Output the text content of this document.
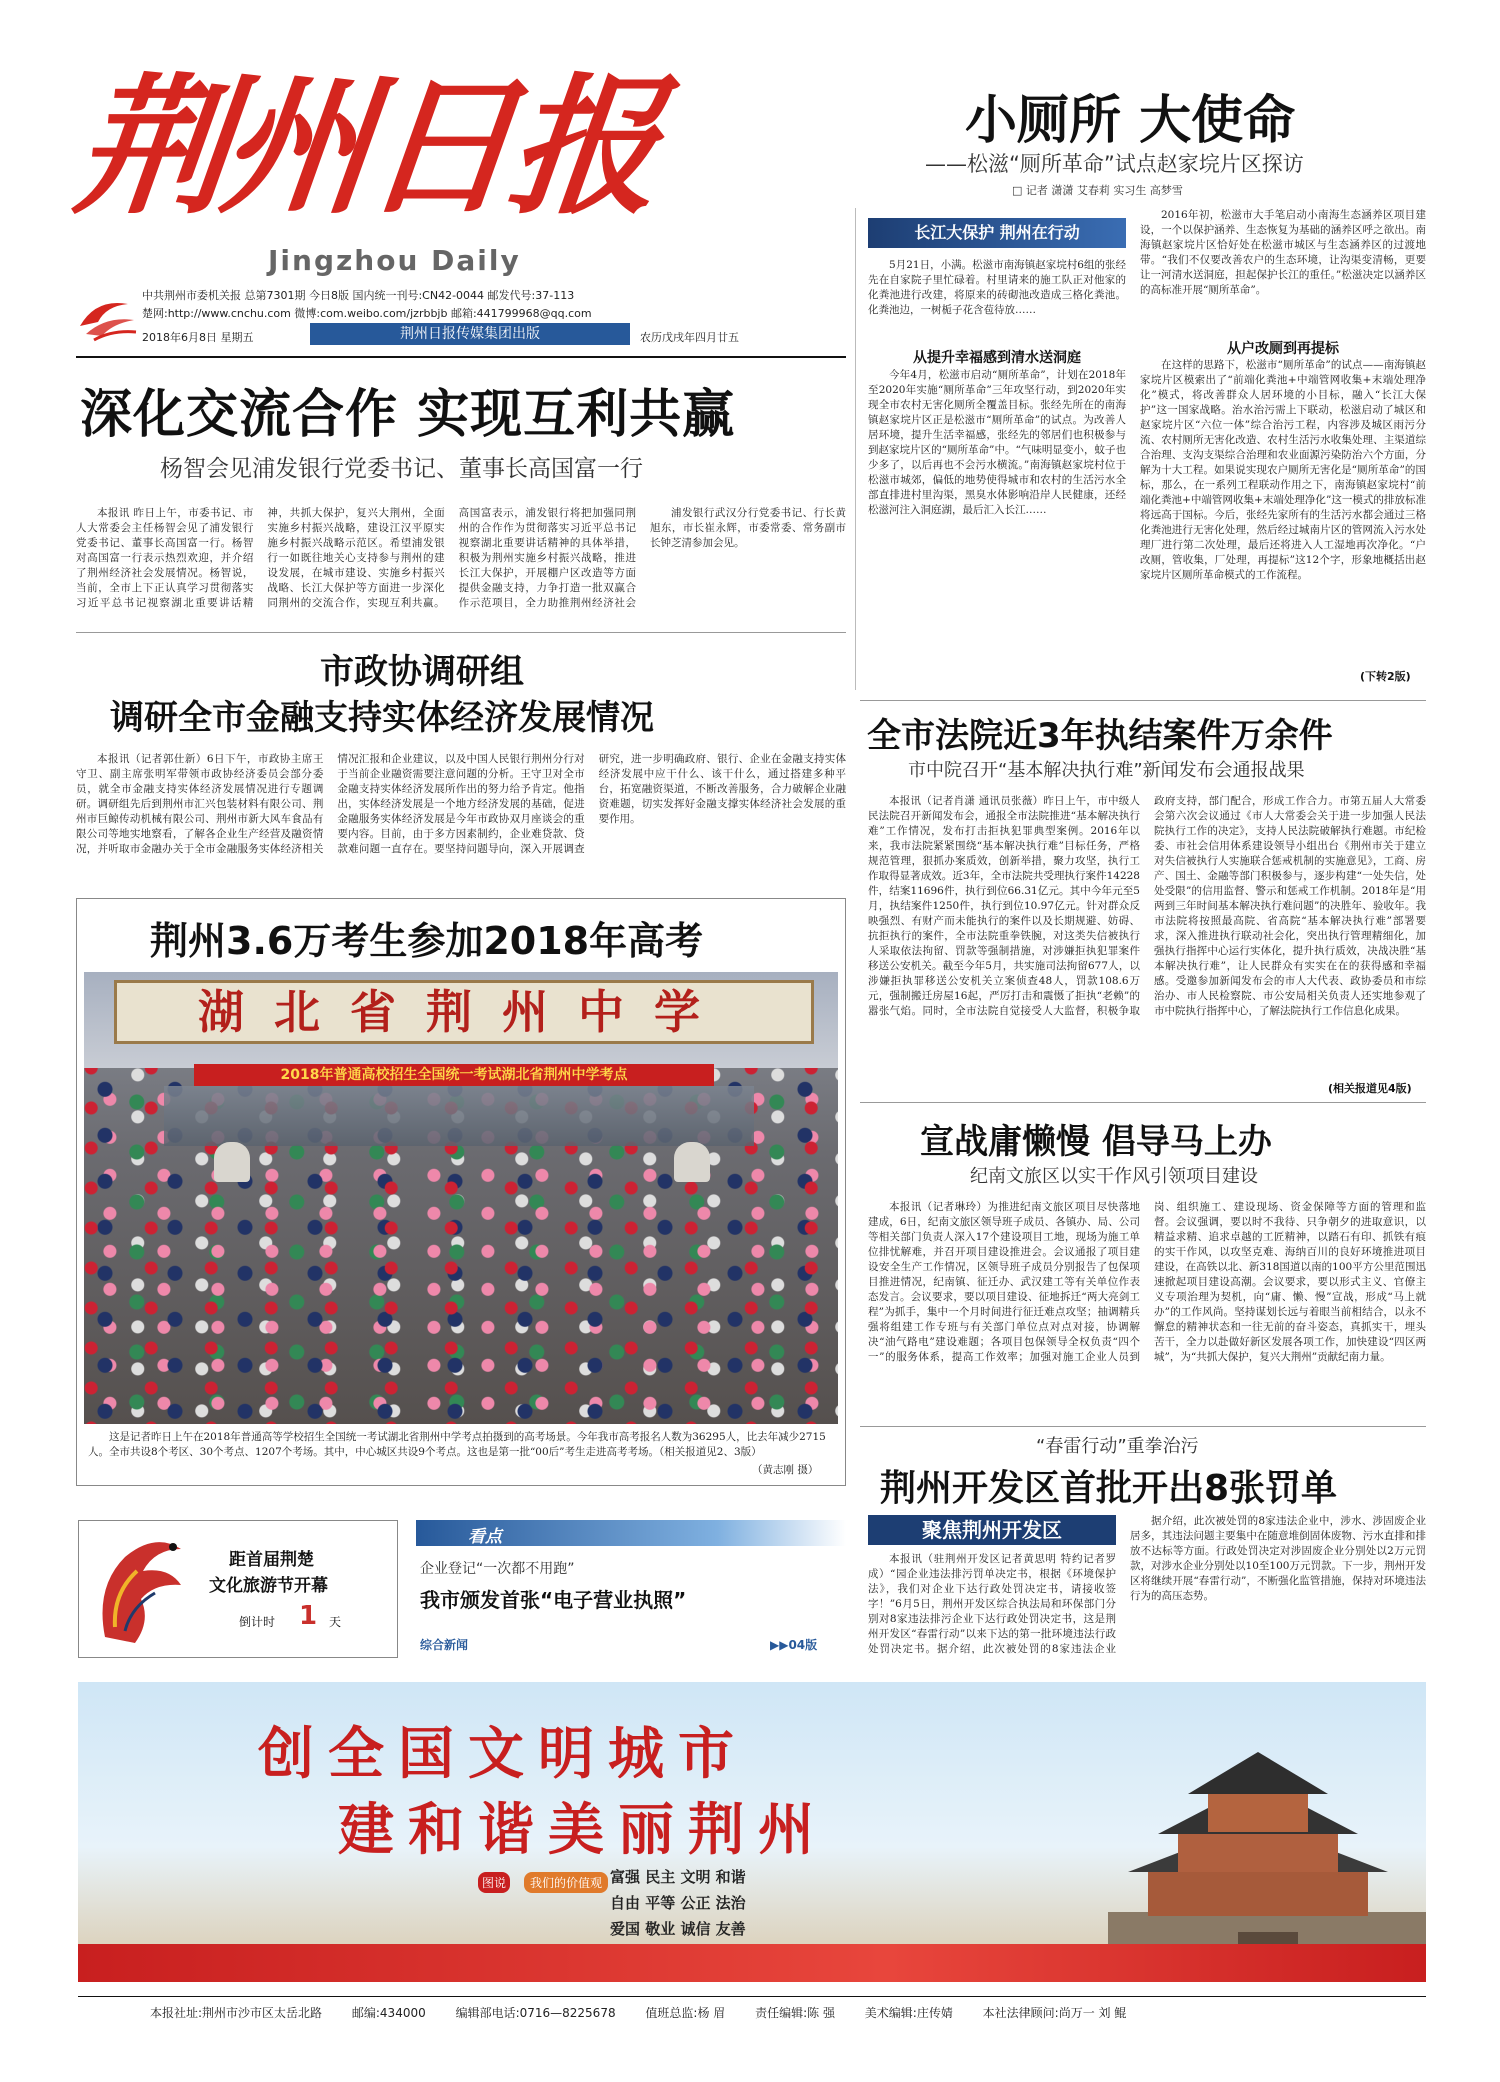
荆州日报
Jingzhou Daily
中共荆州市委机关报 总第7301期 今日8版 国内统一刊号:CN42-0044 邮发代号:37-113
楚网:http://www.cnchu.com 微博:com.weibo.com/jzrbbjb 邮箱:441799968@qq.com
2018年6月8日 星期五	荆州日报传媒集团出版	农历戊戌年四月廿五
小厕所 大使命
——松滋“厕所革命”试点赵家垸片区探访
□ 记者 潇潇 艾春莉 实习生 高梦雪
长江大保护 荆州在行动

5月21日，小满。松滋市南海镇赵家垸村6组的张经先在自家院子里忙碌着。村里请来的施工队正对他家的化粪池进行改建，将原来的砖砌池改造成三格化粪池。化粪池边，一树栀子花含苞待放……

从提升幸福感到清水送洞庭

今年4月，松滋市启动“厕所革命”，计划在2018年至2020年实施“厕所革命”三年攻坚行动，到2020年实现全市农村无害化厕所全覆盖目标。张经先所在的南海镇赵家垸片区正是松滋市“厕所革命”的试点。为改善人居环境，提升生活幸福感，张经先的邻居们也积极参与到赵家垸片区的“厕所革命”中。“气味明显变小，蚊子也少多了，以后再也不会污水横流。”南海镇赵家垸村位于松滋市城郊，偏低的地势使得城市和农村的生活污水全部直排进村里沟渠，黑臭水体影响沿岸人民健康，还经松滋河注入洞庭湖，最后汇入长江……

2016年初，松滋市大手笔启动小南海生态涵养区项目建设，一个以保护涵养、生态恢复为基础的涵养区呼之欲出。南海镇赵家垸片区恰好处在松滋市城区与生态涵养区的过渡地带。“我们不仅要改善农户的生态环境，让沟渠变清畅，更要让一河清水送洞庭，担起保护长江的重任。”松滋决定以涵养区的高标准开展“厕所革命”。

从户改厕到再提标

在这样的思路下，松滋市“厕所革命”的试点——南海镇赵家垸片区模索出了“前端化粪池+中端管网收集+末端处理净化”模式，将改善群众人居环境的小目标，融入“长江大保护”这一国家战略。治水治污需上下联动，松滋启动了城区和赵家垸片区“六位一体”综合治污工程，内容涉及城区雨污分流、农村厕所无害化改造、农村生活污水收集处理、主渠道综合治理、支沟支渠综合治理和农业面源污染防治六个方面，分解为十大工程。如果说实现农户厕所无害化是“厕所革命”的国标，那么，在一系列工程联动作用之下，南海镇赵家垸村“前端化粪池+中端管网收集+末端处理净化”这一模式的排放标准将远高于国标。今后，张经先家所有的生活污水都会通过三格化粪池进行无害化处理，然后经过城南片区的管网流入污水处理厂进行第二次处理，最后还将进入人工湿地再次净化。“户改厕，管收集，厂处理，再提标”这12个字，形象地概括出赵家垸片区厕所革命模式的工作流程。

(下转2版)
深化交流合作 实现互利共赢
杨智会见浦发银行党委书记、董事长高国富一行

本报讯 昨日上午，市委书记、市人大常委会主任杨智会见了浦发银行党委书记、董事长高国富一行。杨智对高国富一行表示热烈欢迎，并介绍了荆州经济社会发展情况。杨智说，当前，全市上下正认真学习贯彻落实习近平总书记视察湖北重要讲话精神，共抓大保护，复兴大荆州，全面实施乡村振兴战略，建设江汉平原实施乡村振兴战略示范区。希望浦发银行一如既往地关心支持参与荆州的建设发展，在城市建设、实施乡村振兴战略、长江大保护等方面进一步深化同荆州的交流合作，实现互利共赢。高国富表示，浦发银行将把加强同荆州的合作作为贯彻落实习近平总书记视察湖北重要讲话精神的具体举措，积极为荆州实施乡村振兴战略，推进长江大保护，开展棚户区改造等方面提供金融支持，力争打造一批双赢合作示范项目，全力助推荆州经济社会

浦发银行武汉分行党委书记、行长黄旭东，市长崔永辉，市委常委、常务副市长钟芝清参加会见。

市政协调研组
调研全市金融支持实体经济发展情况

本报讯（记者郭仕新）6日下午，市政协主席王守卫、副主席张明军带领市政协经济委员会部分委员，就全市金融支持实体经济发展情况进行专题调研。调研组先后到荆州市汇兴包装材料有限公司、荆州市巨鲸传动机械有限公司、荆州市新大风车食品有限公司等地实地察看，了解各企业生产经营及融资情况，并听取市金融办关于全市金融服务实体经济相关情况汇报和企业建议，以及中国人民银行荆州分行对于当前企业融资需要注意问题的分析。王守卫对全市金融支持实体经济发展所作出的努力给予肯定。他指出，实体经济发展是一个地方经济发展的基础，促进金融服务实体经济发展是今年市政协双月座谈会的重要内容。目前，由于多方因素制约，企业难贷款、贷款难问题一直存在。要坚持问题导向，深入开展调查研究，进一步明确政府、银行、企业在金融支持实体经济发展中应干什么、该干什么，通过搭建多种平台，拓宽融资渠道，不断改善服务，合力破解企业融资难题，切实发挥好金融支撑实体经济社会发展的重要作用。

荆州3.6万考生参加2018年高考
湖北省荆州中学
2018年普通高校招生全国统一考试湖北省荆州中学考点
这是记者昨日上午在2018年普通高等学校招生全国统一考试湖北省荆州中学考点拍摄到的高考场景。今年我市高考报名人数为36295人，比去年减少2715人。全市共设8个考区、30个考点、1207个考场。其中，中心城区共设9个考点。这也是第一批“00后”考生走进高考考场。（相关报道见2、3版）
（黄志刚 摄）
全市法院近3年执结案件万余件
市中院召开“基本解决执行难”新闻发布会通报战果

本报讯（记者肖潇 通讯员张薇）昨日上午，市中级人民法院召开新闻发布会，通报全市法院推进“基本解决执行难”工作情况，发布打击拒执犯罪典型案例。2016年以来，我市法院紧紧围绕“基本解决执行难”目标任务，严格规范管理，狠抓办案质效，创新举措，聚力攻坚，执行工作取得显著成效。近3年，全市法院共受理执行案件14228件，结案11696件，执行到位66.31亿元。其中今年元至5月，执结案件1250件，执行到位10.97亿元。针对群众反映强烈、有财产而未能执行的案件以及长期规避、妨碍、抗拒执行的案件，全市法院重拳铁腕，对这类失信被执行人采取依法拘留、罚款等强制措施，对涉嫌拒执犯罪案件移送公安机关。截至今年5月，共实施司法拘留677人，以涉嫌拒执罪移送公安机关立案侦查48人，罚款108.6万元，强制搬迁房屋16起，严厉打击和震慑了拒执“老赖”的嚣张气焰。同时，全市法院自觉接受人大监督，积极争取政府支持，部门配合，形成工作合力。市第五届人大常委会第六次会议通过《市人大常委会关于进一步加强人民法院执行工作的决定》，支持人民法院破解执行难题。市纪检委、市社会信用体系建设领导小组出台《荆州市关于建立对失信被执行人实施联合惩戒机制的实施意见》，工商、房产、国土、金融等部门积极参与，逐步构建“一处失信，处处受限”的信用监督、警示和惩戒工作机制。2018年是“用两到三年时间基本解决执行难问题”的决胜年、验收年。我市法院将按照最高院、省高院“基本解决执行难”部署要求，深入推进执行联动社会化，突出执行管理精细化，加强执行指挥中心运行实体化，提升执行质效，决战决胜“基本解决执行难”，让人民群众有实实在在的获得感和幸福感。受邀参加新闻发布会的市人大代表、政协委员和市综治办、市人民检察院、市公安局相关负责人还实地参观了市中院执行指挥中心，了解法院执行工作信息化成果。

(相关报道见4版)
宣战庸懒慢 倡导马上办
纪南文旅区以实干作风引领项目建设

本报讯（记者琳玲）为推进纪南文旅区项目尽快落地建成，6日，纪南文旅区领导班子成员、各镇办、局、公司等相关部门负责人深入17个建设项目工地，现场为施工单位排忧解难，并召开项目建设推进会。会议通报了项目建设安全生产工作情况，区领导班子成员分别报告了包保项目推进情况，纪南镇、征迁办、武汉建工等有关单位作表态发言。会议要求，要以项目建设、征地拆迁“两大亮剑工程”为抓手，集中一个月时间进行征迁难点攻坚；抽调精兵强将组建工作专班与有关部门单位点对点对接，协调解决“油气路电”建设难题；各项目包保领导全权负责“四个一”的服务体系，提高工作效率；加强对施工企业人员到岗、组织施工、建设现场、资金保障等方面的管理和监督。会议强调，要以时不我待、只争朝夕的进取意识，以精益求精、追求卓越的工匠精神，以踏石有印、抓铁有痕的实干作风，以攻坚克难、海纳百川的良好环境推进项目建设，在高铁以北、新318国道以南的100平方公里范围迅速掀起项目建设高潮。会议要求，要以形式主义、官僚主义专项治理为契机，向“庸、懒、慢”宣战，形成“马上就办”的工作风尚。坚持谋划长远与着眼当前相结合，以永不懈怠的精神状态和一往无前的奋斗姿态，真抓实干，埋头苦干，全力以赴做好新区发展各项工作，加快建设“四区两城”，为“共抓大保护，复兴大荆州”贡献纪南力量。

“春雷行动”重拳治污
荆州开发区首批开出8张罚单
聚焦荆州开发区

本报讯（驻荆州开发区记者黄思明 特约记者罗成）“园企业违法排污罚单决定书，根据《环境保护法》，我们对企业下达行政处罚决定书，请接收签字！”6月5日，荆州开发区综合执法局和环保部门分别对8家违法排污企业下达行政处罚决定书，这是荆州开发区“春雷行动”以来下达的第一批环境违法行政处罚决定书。据介绍，此次被处罚的8家违法企业

据介绍，此次被处罚的8家违法企业中，涉水、涉固废企业居多，其违法问题主要集中在随意堆倒固体废物、污水直排和排放不达标等方面。行政处罚决定对涉固废企业分别处以2万元罚款，对涉水企业分别处以10至100万元罚款。下一步，荆州开发区将继续开展“春雷行动”，不断强化监管措施，保持对环境违法行为的高压态势。

距首届荆楚
文化旅游节开幕
倒计时 1 天
看点
企业登记“一次都不用跑”
我市颁发首张“电子营业执照”
综合新闻	▶▶04版
创全国文明城市
建和谐美丽荆州
图说	我们的价值观 富强 民主 文明 和谐
自由 平等 公正 法治
爱国 敬业 诚信 友善
本报社址:荆州市沙市区太岳北路 邮编:434000 编辑部电话:0716—8225678 值班总监:杨 眉 责任编辑:陈 强 美术编辑:庄传婧 本社法律顾问:尚万一 刘 鲲
